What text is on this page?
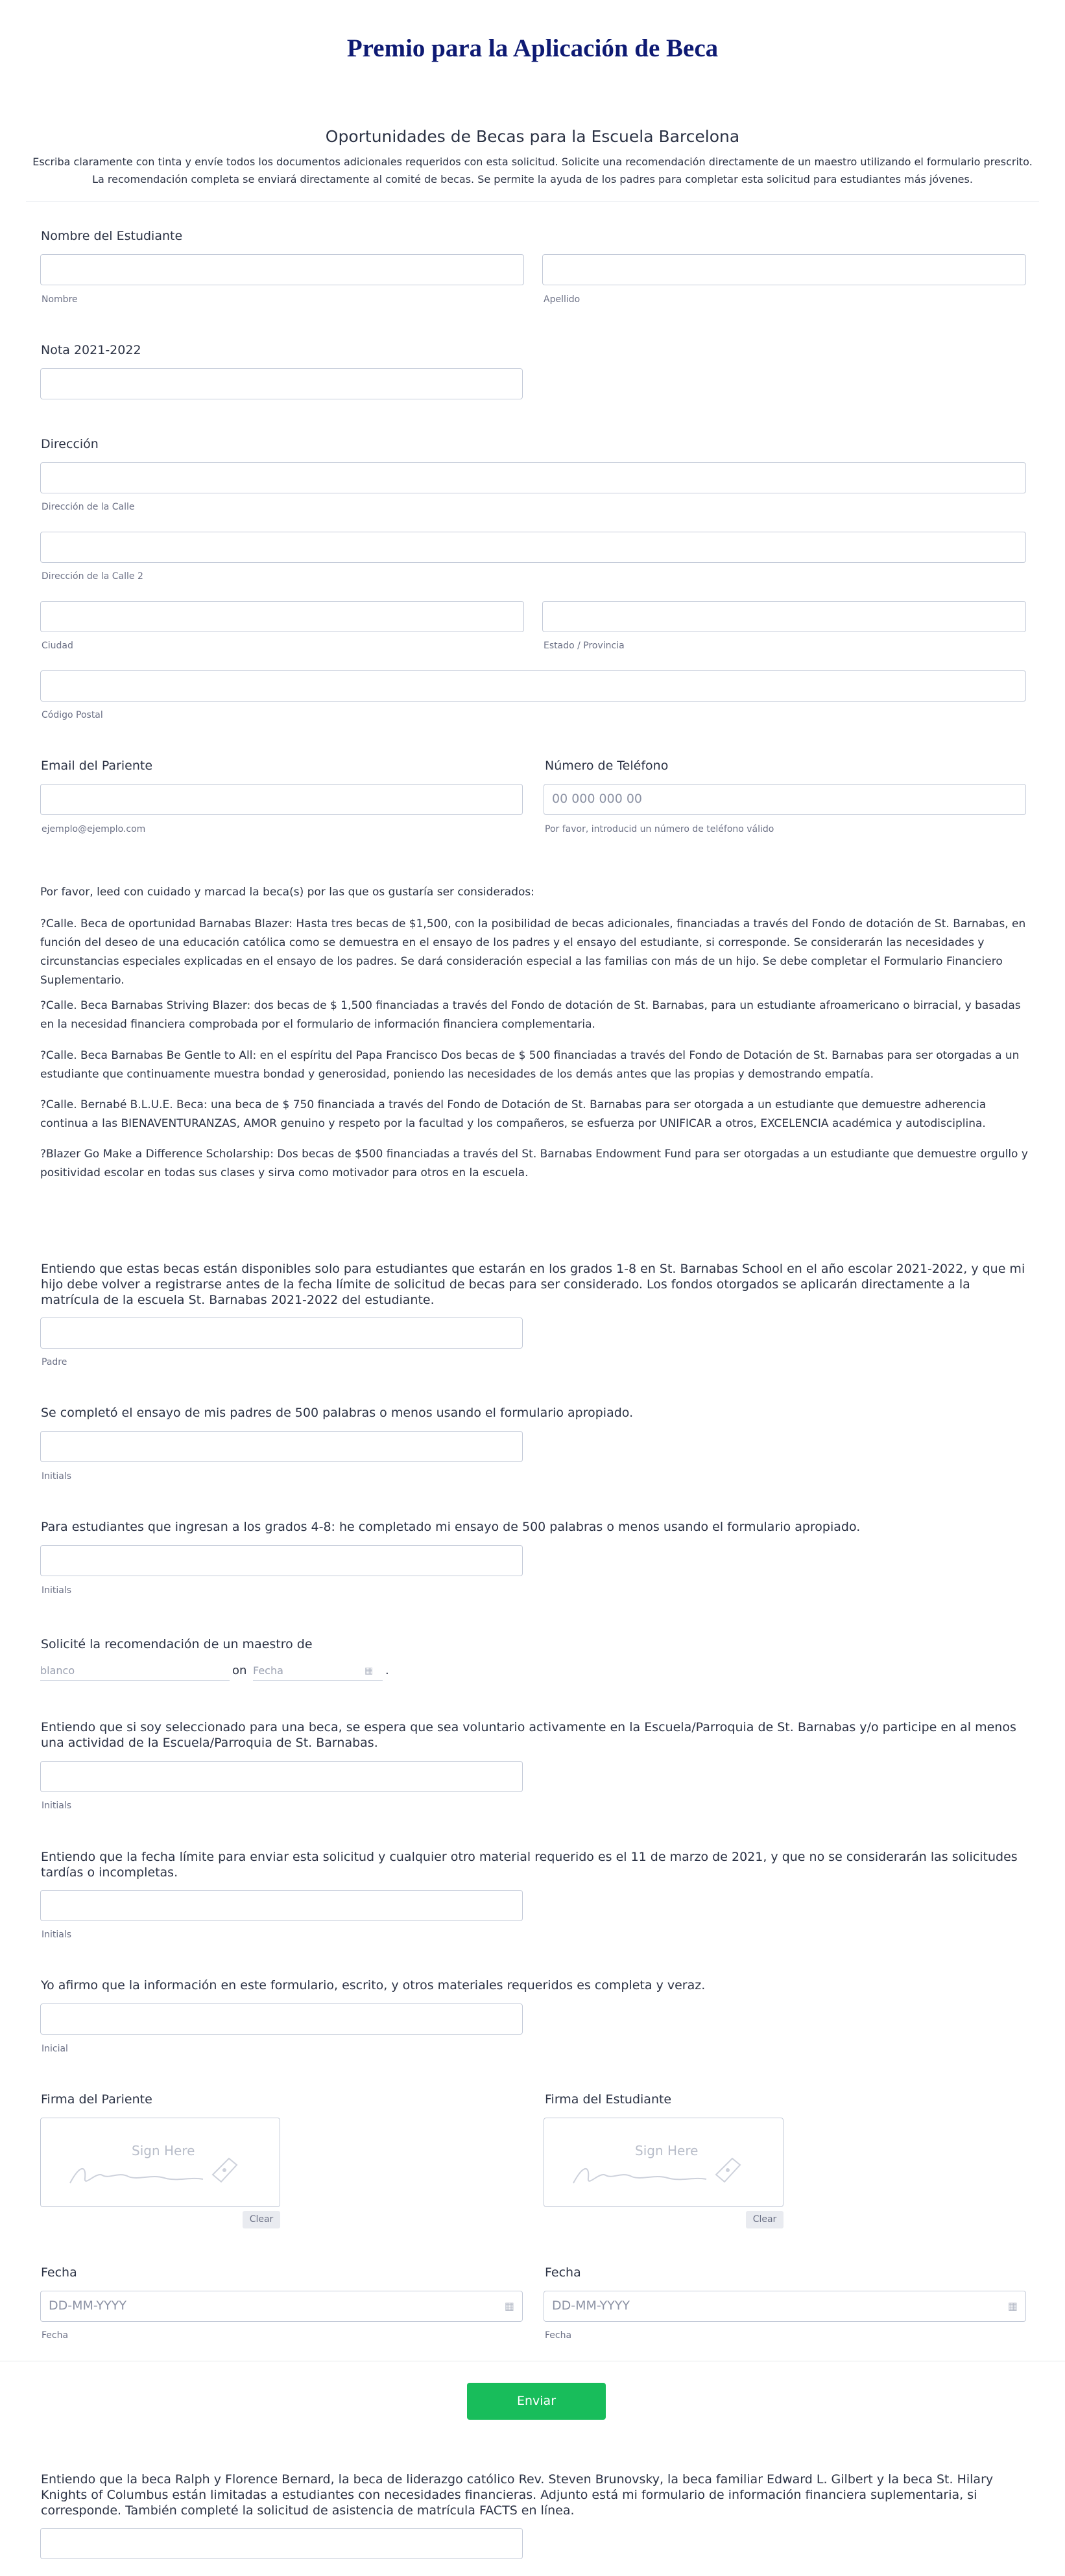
Premio para la Aplicación de Beca
Oportunidades de Becas para la Escuela Barcelona
Escriba claramente con tinta y envíe todos los documentos adicionales requeridos con esta solicitud. Solicite una recomendación directamente de un maestro utilizando el formulario prescrito. La recomendación completa se enviará directamente al comité de becas. Se permite la ayuda de los padres para completar esta solicitud para estudiantes más jóvenes.
Nombre del Estudiante
Nombre	Apellido
Nota 2021-2022
Dirección
Dirección de la Calle
Dirección de la Calle 2
Ciudad	Estado / Provincia
Código Postal
Email del Pariente
ejemplo@ejemplo.com
Número de Teléfono
00 000 000 00
Por favor, introducid un número de teléfono válido
Por favor, leed con cuidado y marcad la beca(s) por las que os gustaría ser considerados:
?Calle. Beca de oportunidad Barnabas Blazer: Hasta tres becas de $1,500, con la posibilidad de becas adicionales, financiadas a través del Fondo de dotación de St. Barnabas, en función del deseo de una educación católica como se demuestra en el ensayo de los padres y el ensayo del estudiante, si corresponde. Se considerarán las necesidades y circunstancias especiales explicadas en el ensayo de los padres. Se dará consideración especial a las familias con más de un hijo. Se debe completar el Formulario Financiero Suplementario.
?Calle. Beca Barnabas Striving Blazer: dos becas de $ 1,500 financiadas a través del Fondo de dotación de St. Barnabas, para un estudiante afroamericano o birracial, y basadas en la necesidad financiera comprobada por el formulario de información financiera complementaria.
?Calle. Beca Barnabas Be Gentle to All: en el espíritu del Papa Francisco Dos becas de $ 500 financiadas a través del Fondo de Dotación de St. Barnabas para ser otorgadas a un estudiante que continuamente muestra bondad y generosidad, poniendo las necesidades de los demás antes que las propias y demostrando empatía.
?Calle. Bernabé B.L.U.E. Beca: una beca de $ 750 financiada a través del Fondo de Dotación de St. Barnabas para ser otorgada a un estudiante que demuestre adherencia continua a las BIENAVENTURANZAS, AMOR genuino y respeto por la facultad y los compañeros, se esfuerza por UNIFICAR a otros, EXCELENCIA académica y autodisciplina.
?Blazer Go Make a Difference Scholarship: Dos becas de $500 financiadas a través del St. Barnabas Endowment Fund para ser otorgadas a un estudiante que demuestre orgullo y positividad escolar en todas sus clases y sirva como motivador para otros en la escuela.
Entiendo que estas becas están disponibles solo para estudiantes que estarán en los grados 1-8 en St. Barnabas School en el año escolar 2021-2022, y que mi hijo debe volver a registrarse antes de la fecha límite de solicitud de becas para ser considerado. Los fondos otorgados se aplicarán directamente a la matrícula de la escuela St. Barnabas 2021-2022 del estudiante.
Padre
Se completó el ensayo de mis padres de 500 palabras o menos usando el formulario apropiado.
Initials
Para estudiantes que ingresan a los grados 4-8: he completado mi ensayo de 500 palabras o menos usando el formulario apropiado.
Initials
Solicité la recomendación de un maestro de
blanco	on Fecha	▦ .
Entiendo que si soy seleccionado para una beca, se espera que sea voluntario activamente en la Escuela/Parroquia de St. Barnabas y/o participe en al menos una actividad de la Escuela/Parroquia de St. Barnabas.
Initials
Entiendo que la fecha límite para enviar esta solicitud y cualquier otro material requerido es el 11 de marzo de 2021, y que no se considerarán las solicitudes tardías o incompletas.
Initials
Yo afirmo que la información en este formulario, escrito, y otros materiales requeridos es completa y veraz.
Inicial
Firma del Pariente
Sign Here
Clear
Firma del Estudiante
Sign Here
Clear
Fecha
DD-MM-YYYY	▦
Fecha
Fecha
DD-MM-YYYY	▦
Fecha
Enviar
Entiendo que la beca Ralph y Florence Bernard, la beca de liderazgo católico Rev. Steven Brunovsky, la beca familiar Edward L. Gilbert y la beca St. Hilary Knights of Columbus están limitadas a estudiantes con necesidades financieras. Adjunto está mi formulario de información financiera suplementaria, si corresponde. También completé la solicitud de asistencia de matrícula FACTS en línea.
